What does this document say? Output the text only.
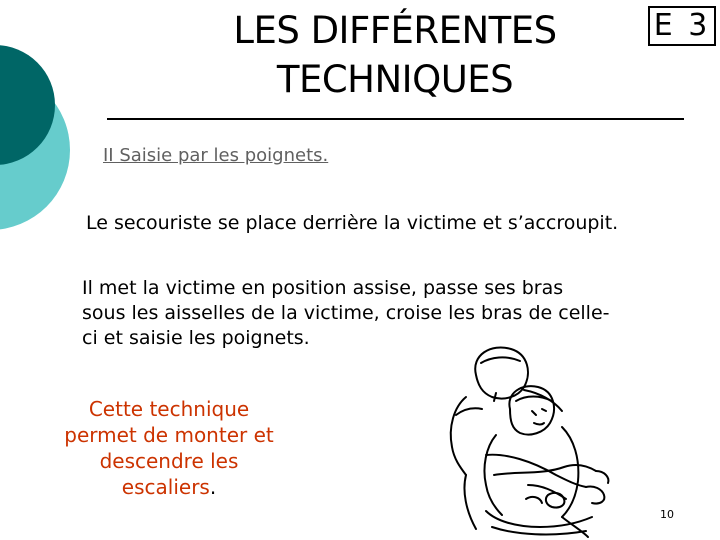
LES DIFFÉRENTES
TECHNIQUES
E 3
II Saisie par les poignets.
Le secouriste se place derrière la victime et s’accroupit.
Il met la victime en position assise, passe ses bras
sous les aisselles de la victime, croise les bras de celle-
ci et saisie les poignets.
Cette technique
permet de monter et
descendre les
escaliers.
10
